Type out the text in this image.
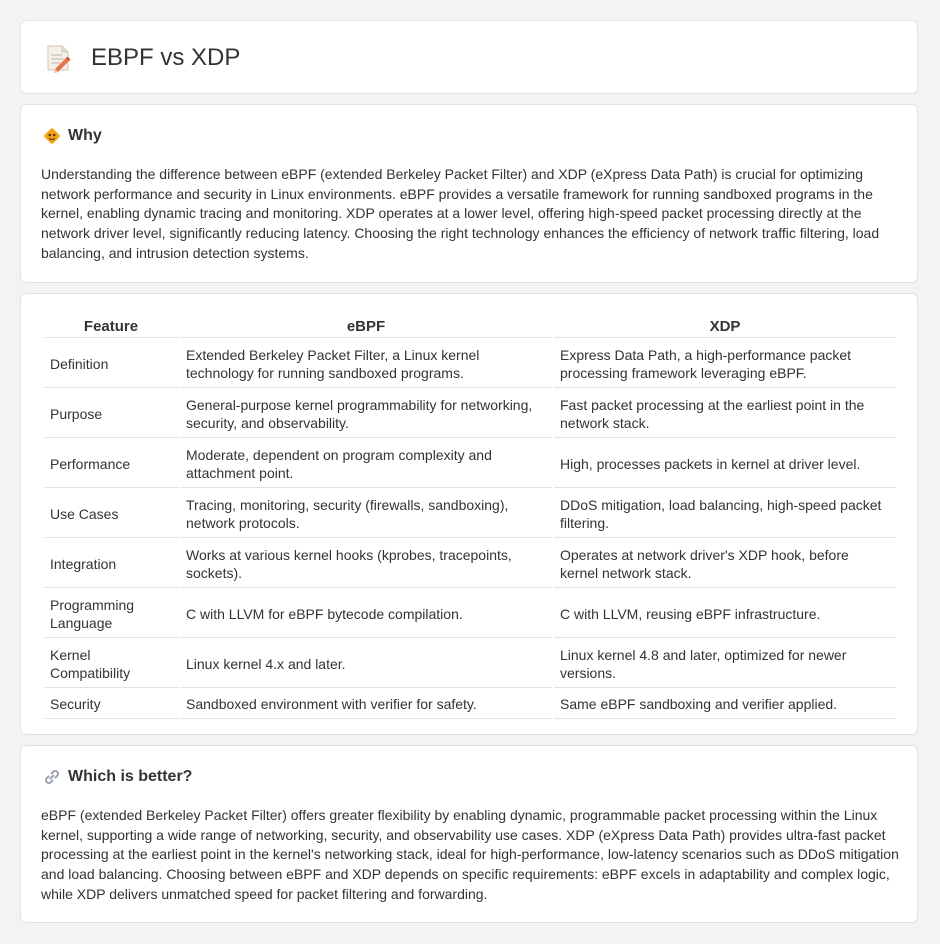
EBPF vs XDP
Why

Understanding the difference between eBPF (extended Berkeley Packet Filter) and XDP (eXpress Data Path) is crucial for optimizing network performance and security in Linux environments. eBPF provides a versatile framework for running sandboxed programs in the kernel, enabling dynamic tracing and monitoring. XDP operates at a lower level, offering high-speed packet processing directly at the network driver level, significantly reducing latency. Choosing the right technology enhances the efficiency of network traffic filtering, load balancing, and intrusion detection systems.

Feature	eBPF	XDP
Definition	Extended Berkeley Packet Filter, a Linux kernel technology for running sandboxed programs.	Express Data Path, a high-performance packet processing framework leveraging eBPF.
Purpose	General-purpose kernel programmability for networking, security, and observability.	Fast packet processing at the earliest point in the network stack.
Performance	Moderate, dependent on program complexity and attachment point.	High, processes packets in kernel at driver level.
Use Cases	Tracing, monitoring, security (firewalls, sandboxing), network protocols.	DDoS mitigation, load balancing, high-speed packet filtering.
Integration	Works at various kernel hooks (kprobes, tracepoints, sockets).	Operates at network driver's XDP hook, before kernel network stack.
Programming Language	C with LLVM for eBPF bytecode compilation.	C with LLVM, reusing eBPF infrastructure.
Kernel Compatibility	Linux kernel 4.x and later.	Linux kernel 4.8 and later, optimized for newer versions.
Security	Sandboxed environment with verifier for safety.	Same eBPF sandboxing and verifier applied.
Which is better?

eBPF (extended Berkeley Packet Filter) offers greater flexibility by enabling dynamic, programmable packet processing within the Linux kernel, supporting a wide range of networking, security, and observability use cases. XDP (eXpress Data Path) provides ultra-fast packet processing at the earliest point in the kernel's networking stack, ideal for high-performance, low-latency scenarios such as DDoS mitigation and load balancing. Choosing between eBPF and XDP depends on specific requirements: eBPF excels in adaptability and complex logic, while XDP delivers unmatched speed for packet filtering and forwarding.
